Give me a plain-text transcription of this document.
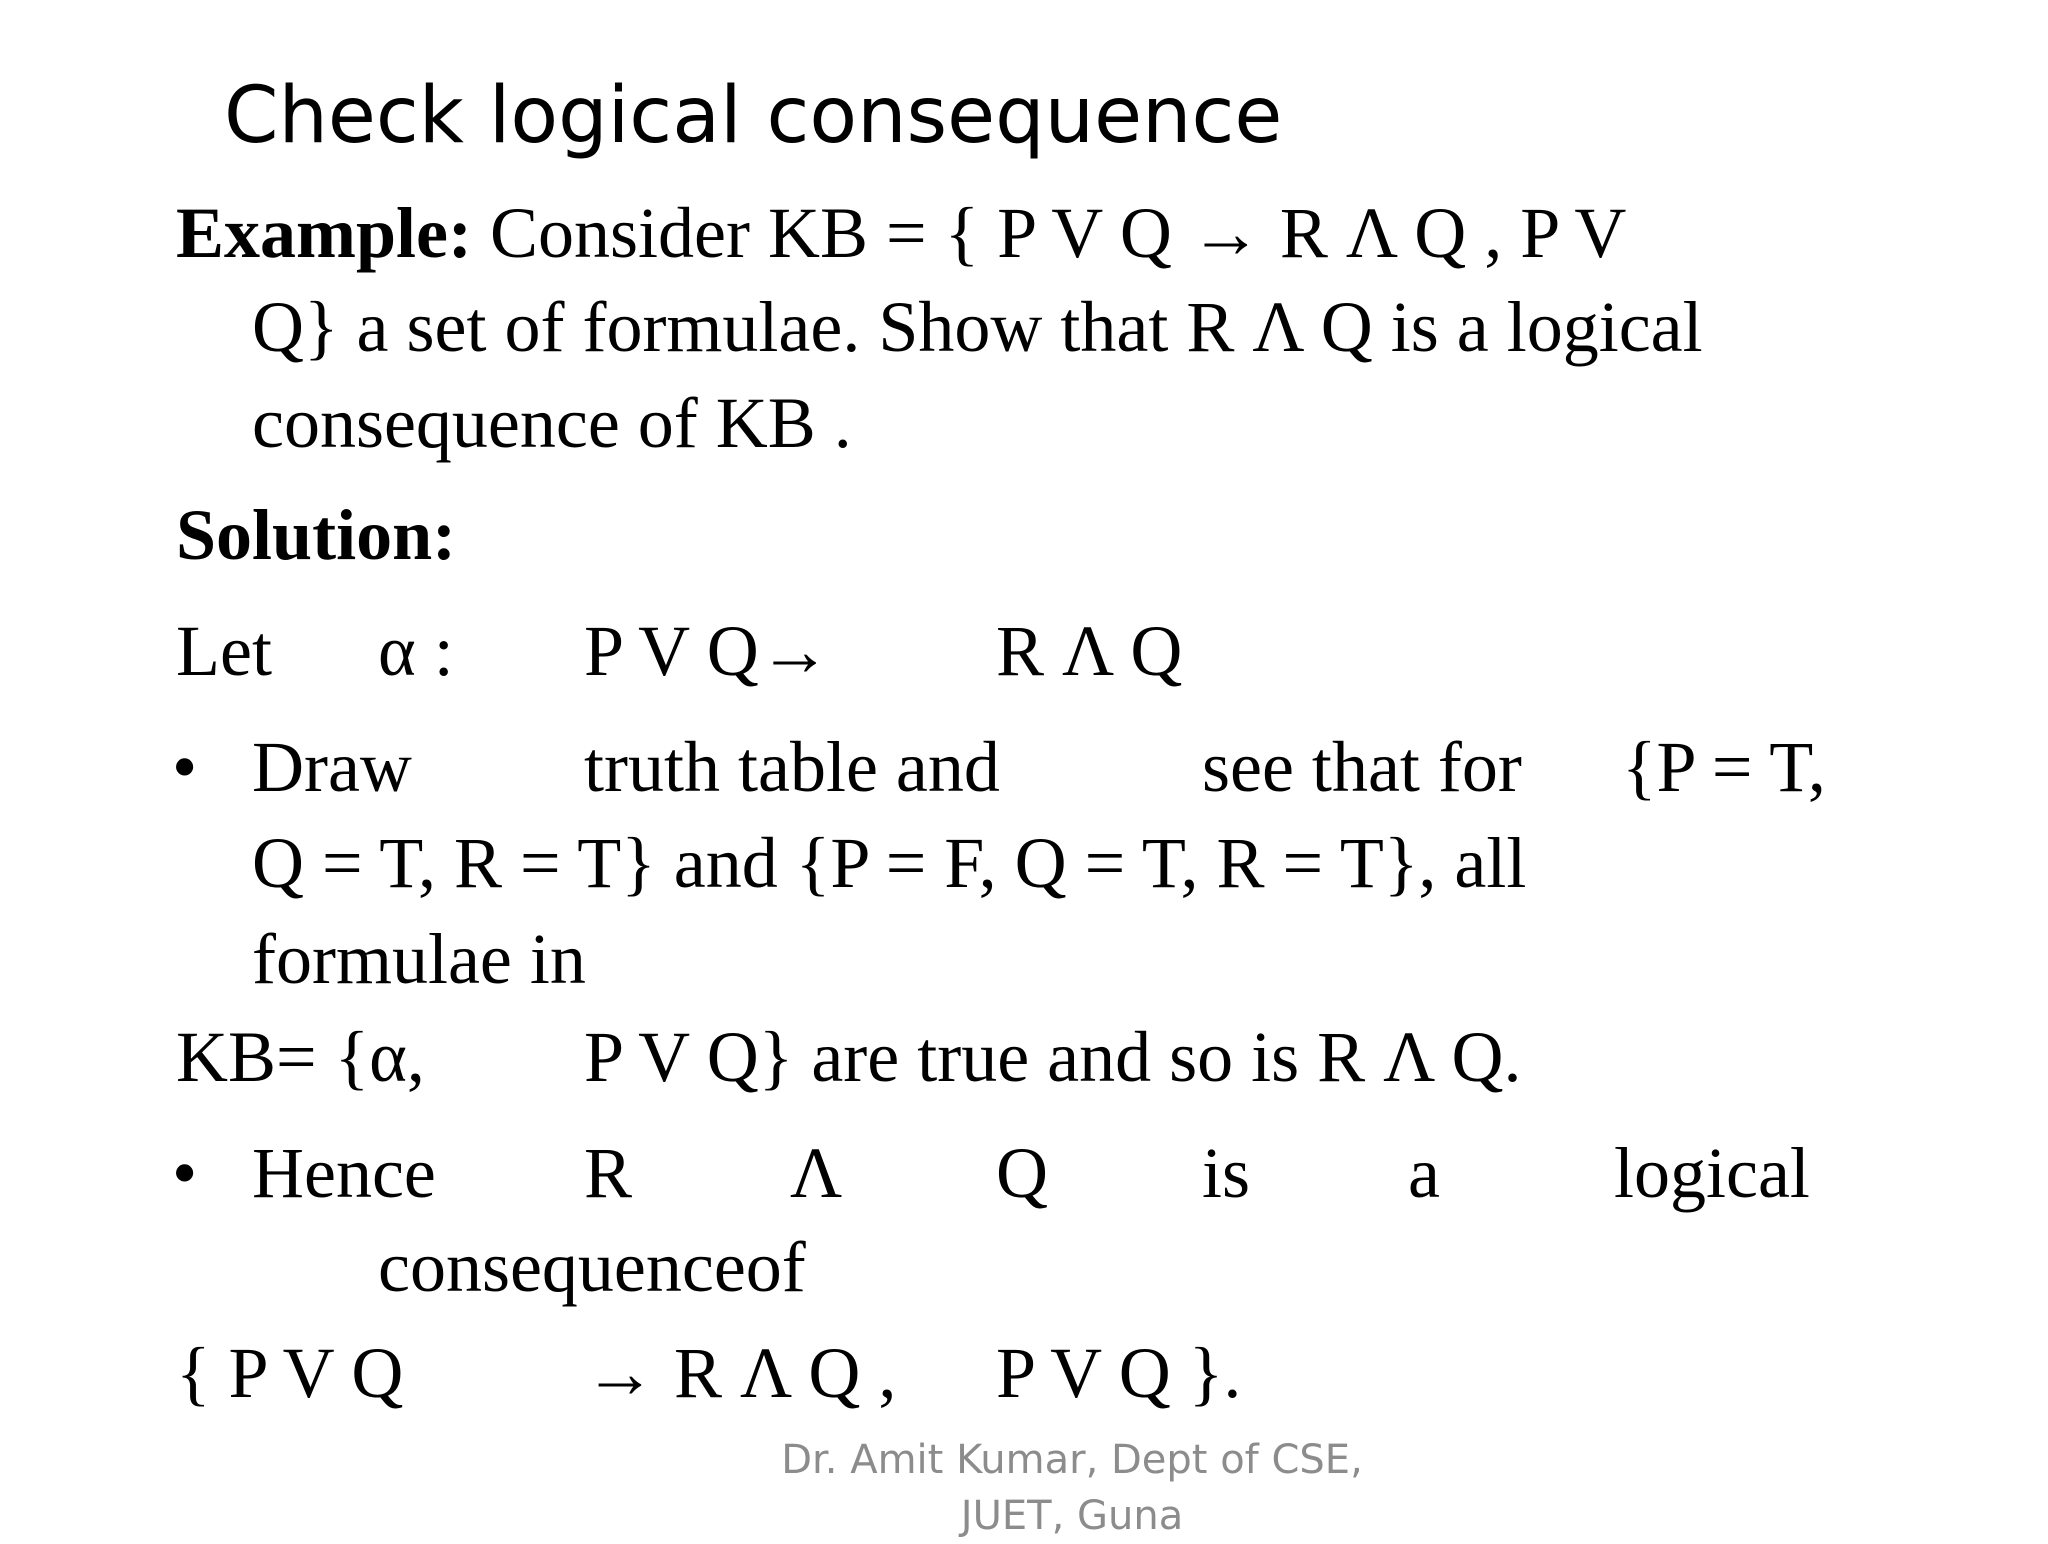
Check logical consequence
Example: Consider KB = { P V Q → R Λ Q , P V
Q} a set of formulae. Show that R Λ Q is a logical
consequence of KB .
Solution:
Let α : P V Q→ R Λ Q
• Draw truth table and	see that for {P = T,
Q = T, R = T} and {P = F, Q = T, R = T}, all
formulae in
KB= {α, P V Q} are true and so is R Λ Q.
• Hence R Λ Q is a logical
consequenceof
{ P V Q	→ R Λ Q , P V Q }.
Dr. Amit Kumar, Dept of CSE,
JUET, Guna
